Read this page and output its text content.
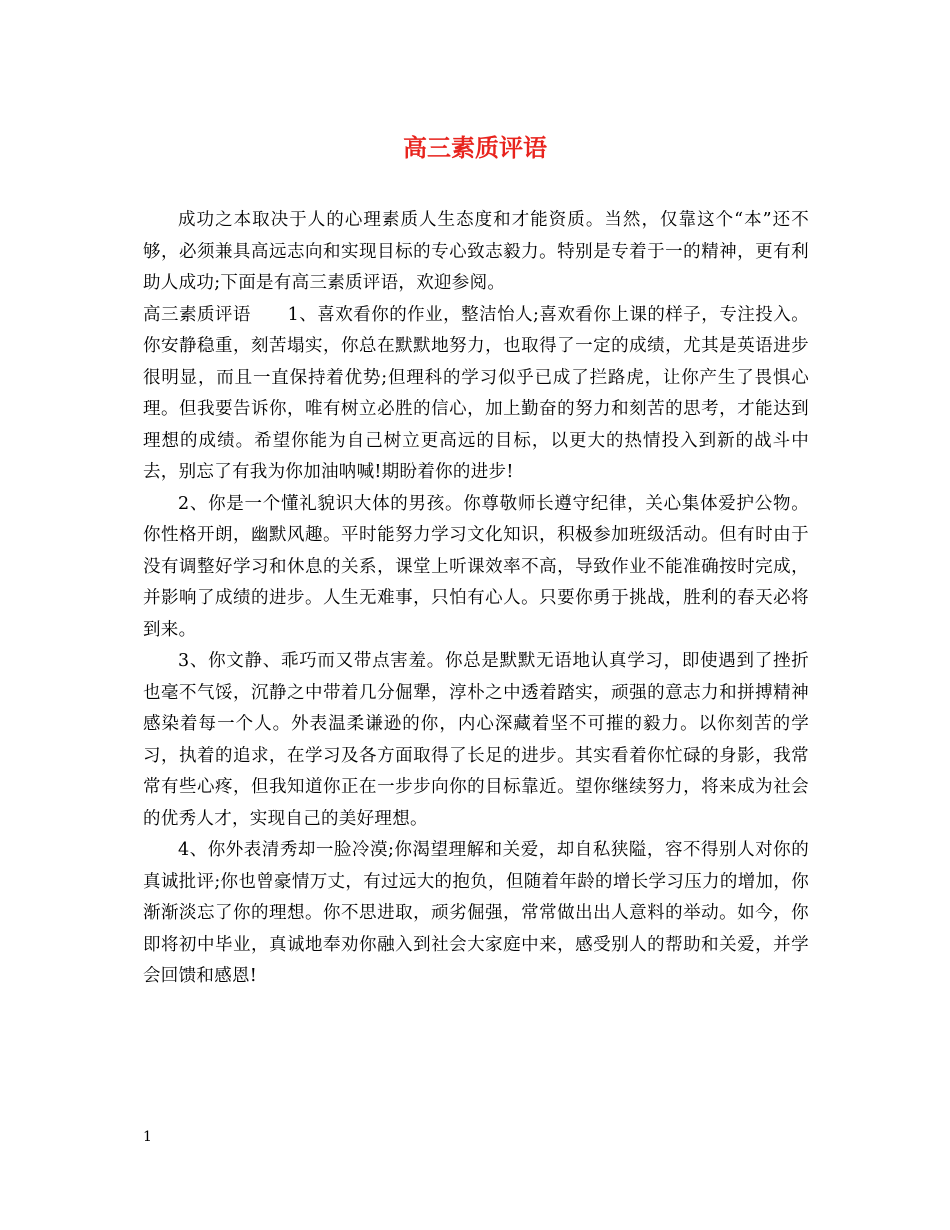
高三素质评语

成功之本取决于人的心理素质人生态度和才能资质。当然，仅靠这个“本”还不够，必须兼具高远志向和实现目标的专心致志毅力。特别是专着于一的精神，更有利助人成功;下面是有高三素质评语，欢迎参阅。

高三素质评语 1、喜欢看你的作业，整洁怡人;喜欢看你上课的样子，专注投入。你安静稳重，刻苦塌实，你总在默默地努力，也取得了一定的成绩，尤其是英语进步很明显，而且一直保持着优势;但理科的学习似乎已成了拦路虎，让你产生了畏惧心理。但我要告诉你，唯有树立必胜的信心，加上勤奋的努力和刻苦的思考，才能达到理想的成绩。希望你能为自己树立更高远的目标，以更大的热情投入到新的战斗中去，别忘了有我为你加油呐喊!期盼着你的进步!

2、你是一个懂礼貌识大体的男孩。你尊敬师长遵守纪律，关心集体爱护公物。你性格开朗，幽默风趣。平时能努力学习文化知识，积极参加班级活动。但有时由于没有调整好学习和休息的关系，课堂上听课效率不高，导致作业不能准确按时完成，并影响了成绩的进步。人生无难事，只怕有心人。只要你勇于挑战，胜利的春天必将到来。

3、你文静、乖巧而又带点害羞。你总是默默无语地认真学习，即使遇到了挫折也毫不气馁，沉静之中带着几分倔犟，淳朴之中透着踏实，顽强的意志力和拼搏精神感染着每一个人。外表温柔谦逊的你，内心深藏着坚不可摧的毅力。以你刻苦的学习，执着的追求，在学习及各方面取得了长足的进步。其实看着你忙碌的身影，我常常有些心疼，但我知道你正在一步步向你的目标靠近。望你继续努力，将来成为社会的优秀人才，实现自己的美好理想。

4、你外表清秀却一脸冷漠;你渴望理解和关爱，却自私狭隘，容不得别人对你的真诚批评;你也曾豪情万丈，有过远大的抱负，但随着年龄的增长学习压力的增加，你渐渐淡忘了你的理想。你不思进取，顽劣倔强，常常做出出人意料的举动。如今，你即将初中毕业，真诚地奉劝你融入到社会大家庭中来，感受别人的帮助和关爱，并学会回馈和感恩!

1
